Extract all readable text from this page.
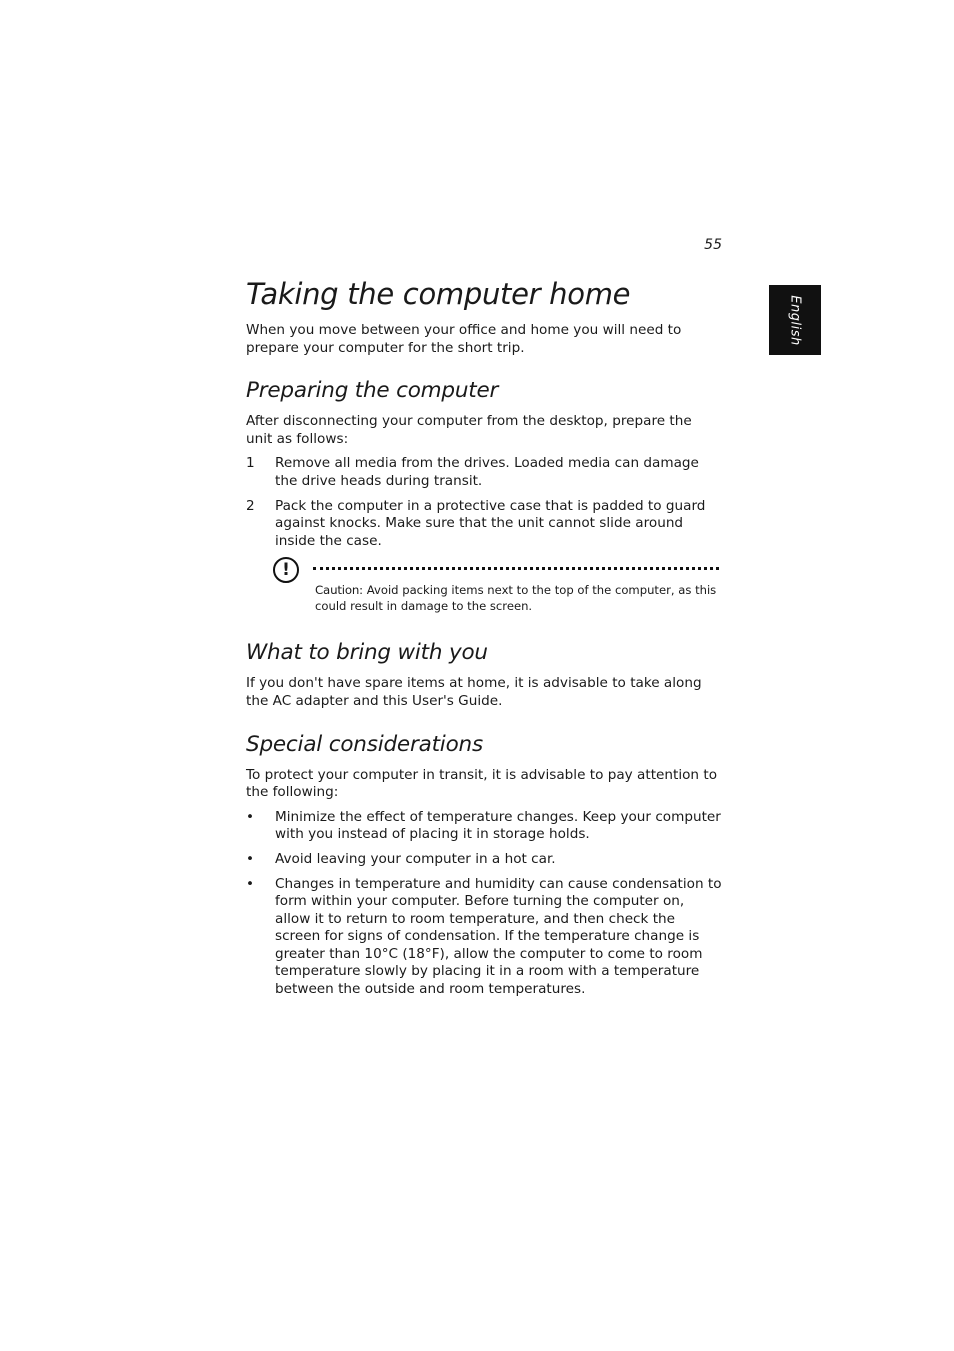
55
English
Taking the computer home

When you move between your office and home you will need to prepare your computer for the short trip.

Preparing the computer

After disconnecting your computer from the desktop, prepare the unit as follows:

1 Remove all media from the drives. Loaded media can damage the drive heads during transit.
2 Pack the computer in a protective case that is padded to guard against knocks. Make sure that the unit cannot slide around inside the case.
!
Caution: Avoid packing items next to the top of the computer, as this could result in damage to the screen.
What to bring with you

If you don't have spare items at home, it is advisable to take along the AC adapter and this User's Guide.

Special considerations

To protect your computer in transit, it is advisable to pay attention to the following:

• Minimize the effect of temperature changes. Keep your computer with you instead of placing it in storage holds.
• Avoid leaving your computer in a hot car.
• Changes in temperature and humidity can cause condensation to form within your computer. Before turning the computer on, allow it to return to room temperature, and then check the screen for signs of condensation. If the temperature change is greater than 10°C (18°F), allow the computer to come to room temperature slowly by placing it in a room with a temperature between the outside and room temperatures.
